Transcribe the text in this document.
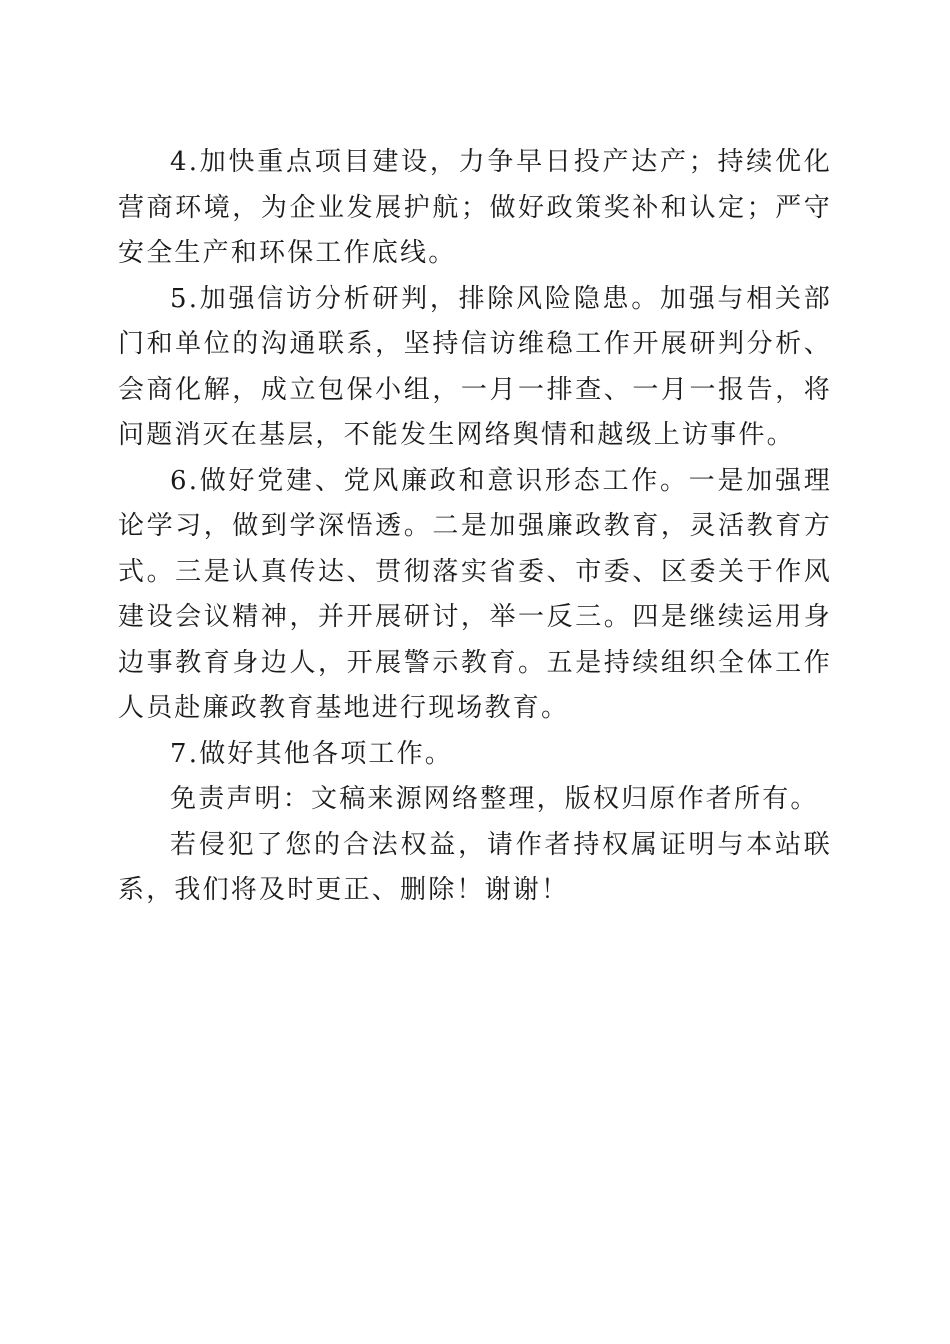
4.加快重点项目建设，力争早日投产达产；持续优化营商环境，为企业发展护航；做好政策奖补和认定；严守安全生产和环保工作底线。

5.加强信访分析研判，排除风险隐患。加强与相关部门和单位的沟通联系，坚持信访维稳工作开展研判分析、会商化解，成立包保小组，一月一排查、一月一报告，将问题消灭在基层，不能发生网络舆情和越级上访事件。

6.做好党建、党风廉政和意识形态工作。一是加强理论学习，做到学深悟透。二是加强廉政教育，灵活教育方式。三是认真传达、贯彻落实省委、市委、区委关于作风建设会议精神，并开展研讨，举一反三。四是继续运用身边事教育身边人，开展警示教育。五是持续组织全体工作人员赴廉政教育基地进行现场教育。

7.做好其他各项工作。

免责声明：文稿来源网络整理，版权归原作者所有。

若侵犯了您的合法权益，请作者持权属证明与本站联系，我们将及时更正、删除！谢谢！
